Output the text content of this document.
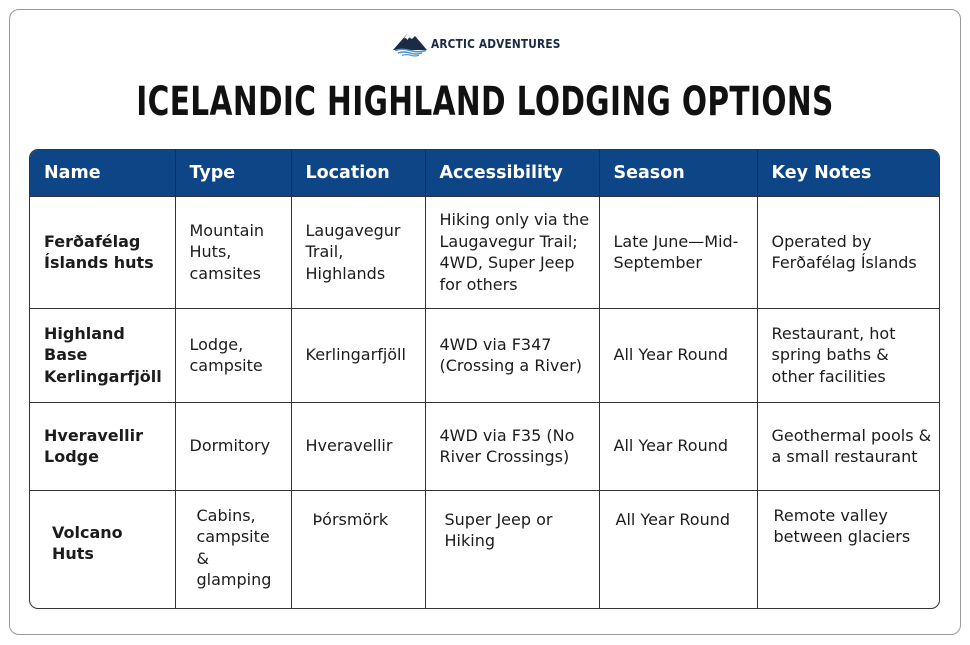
ARCTIC ADVENTURES
ICELANDIC HIGHLAND LODGING OPTIONS
Name	Type	Location	Accessibility	Season	Key Notes
Ferðafélag Íslands huts	Mountain Huts, camsites	Laugavegur Trail, Highlands	Hiking only via the Laugavegur Trail; 4WD, Super Jeep for others	Late June—Mid-September	Operated by Ferðafélag Íslands
Highland Base Kerlingarfjöll	Lodge, campsite	Kerlingarfjöll	4WD via F347 (Crossing a River)	All Year Round	Restaurant, hot spring baths & other facilities
Hveravellir Lodge	Dormitory	Hveravellir	4WD via F35 (No River Crossings)	All Year Round	Geothermal pools & a small restaurant
Volcano Huts	Cabins, campsite & glamping	Þórsmörk	Super Jeep or Hiking	All Year Round	Remote valley between glaciers
